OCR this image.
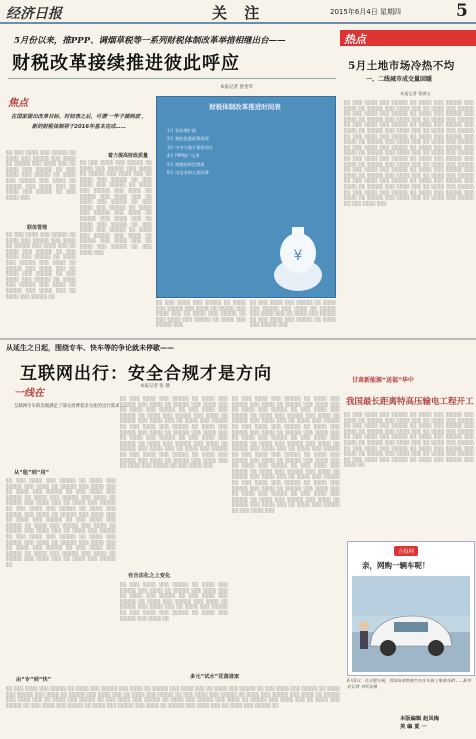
经济日报	关 注	2015年6月4日 星期四	5
5月份以来，推PPP、调烟草税等一系列财税体制改革举措相继出台——
财税改革接续推进彼此呼应
本报记者 曾金华
焦点
在国家提出改革目标、时间表之后，可谓'一竿子插到底'，新的财税体制将于2016年基本完成……
财税体制改革推进时间表
1月 营改增扩围
2月 税收优惠政策清理
3月 中央与地方事权划分
4月 PPP推广运用
5月 调整烟草消费税
6月 电信业纳入营改增
¥
联体管理
着力提高财政质量
░░ ░░░ ░░░░ ░░░ ░░░░░ ░░ ░░░░ ░░░ ░░░░░ ░░░ ░░░░ ░░ ░░░░░ ░░░ ░░░░ ░░░ ░░ ░░░░ ░░░ ░░░░░ ░░ ░░░ ░░░░ ░░░ ░░░░░ ░░ ░░░░ ░░░ ░░░░░ ░░░ ░░░░ ░░ ░░░░░ ░░░ ░░░░ ░░░ ░░ ░░░░ ░░░ ░░░░░ ░░ ░░░ ░░░░ ░░░
░░ ░░░ ░░░░ ░░░ ░░░░░ ░░ ░░░░ ░░░ ░░░░░ ░░░ ░░░░ ░░ ░░░░░ ░░░ ░░░░ ░░░ ░░ ░░░░ ░░░ ░░░░░ ░░ ░░░ ░░░░ ░░░ ░░░░░ ░░ ░░░░ ░░░ ░░░░░ ░░░ ░░░░ ░░ ░░░░░ ░░░ ░░░░ ░░░ ░░ ░░░░ ░░░ ░░░░░ ░░ ░░░ ░░░░ ░░░ ░░░░░ ░░ ░░░░ ░░░ ░░░░░ ░░░ ░░░░ ░░ ░░░░░ ░░░ ░░░░ ░░░ ░░ ░░░░ ░░░ ░░░░░ ░░
░░ ░░░ ░░░░ ░░░ ░░░░░ ░░ ░░░░ ░░░ ░░░░░ ░░░ ░░░░ ░░ ░░░░░ ░░░ ░░░░ ░░░ ░░ ░░░░ ░░░ ░░░░░ ░░ ░░░ ░░░░ ░░░ ░░░░░ ░░ ░░░░ ░░░ ░░░░░ ░░░ ░░░░ ░░ ░░░░░ ░░░ ░░░░ ░░░ ░░ ░░░░ ░░░ ░░░░░ ░░ ░░░ ░░░░ ░░░ ░░░░░ ░░ ░░░░ ░░░ ░░░░░ ░░░ ░░░░ ░░ ░░░░░ ░░░ ░░░░ ░░░ ░░ ░░░░ ░░░ ░░░░░ ░░ ░░░ ░░░░ ░░░ ░░░░░ ░░ ░░░░ ░░░ ░░░░░ ░░░ ░░░░ ░░ ░░░░░ ░░░ ░░░░ ░░░ ░░ ░░░░ ░░░ ░░░░░ ░░ ░░░ ░░░░ ░░░
░░ ░░░ ░░░░ ░░░ ░░░░░ ░░ ░░░░ ░░░ ░░░░░ ░░░ ░░░░ ░░ ░░░░░ ░░░ ░░░░ ░░░ ░░ ░░░░ ░░░ ░░░░░ ░░ ░░░ ░░░░ ░░░ ░░░░░ ░░ ░░░░ ░░░ ░░░░░ ░░░
░░ ░░░ ░░░░ ░░░ ░░░░░ ░░ ░░░░ ░░░ ░░░░░ ░░░ ░░░░ ░░ ░░░░░ ░░░ ░░░░ ░░░ ░░ ░░░░ ░░░ ░░░░░ ░░ ░░░ ░░░░ ░░░ ░░░░░ ░░ ░░░░ ░░░ ░░░░░ ░░░
热点
5月土地市场冷热不均
一、二线城市成交量回暖
本报记者 曹佛宝
░░ ░░░ ░░░░ ░░░ ░░░░░ ░░ ░░░░ ░░░ ░░░░░ ░░░ ░░░░ ░░ ░░░░░ ░░░ ░░░░ ░░░ ░░ ░░░░ ░░░ ░░░░░ ░░ ░░░ ░░░░ ░░░ ░░░░░ ░░ ░░░░ ░░░ ░░░░░ ░░░ ░░░░ ░░ ░░░░░ ░░░ ░░░░ ░░░ ░░ ░░░░ ░░░ ░░░░░ ░░ ░░░ ░░░░ ░░░ ░░░░░ ░░ ░░░░ ░░░ ░░░░░ ░░░ ░░░░ ░░ ░░░░░ ░░░ ░░░░ ░░░ ░░ ░░░░ ░░░ ░░░░░ ░░ ░░░ ░░░░ ░░░ ░░░░░ ░░ ░░░░ ░░░ ░░░░░ ░░░ ░░░░ ░░ ░░░░░ ░░░ ░░░░ ░░░ ░░ ░░░░ ░░░ ░░░░░ ░░ ░░░ ░░░░ ░░░ ░░░░░ ░░ ░░░░ ░░░ ░░░░░ ░░░ ░░░░ ░░ ░░░░░ ░░░ ░░░░ ░░░ ░░ ░░░░ ░░░ ░░░░░ ░░ ░░░ ░░░░ ░░░ ░░░░░ ░░ ░░░░ ░░░ ░░░░░ ░░░ ░░░░ ░░ ░░░░░ ░░░ ░░░░ ░░░ ░░ ░░░░ ░░░ ░░░░░ ░░ ░░░ ░░░░ ░░░ ░░░░░ ░░ ░░░░ ░░░ ░░░░░ ░░░ ░░░░ ░░ ░░░░░ ░░░ ░░░░ ░░░ ░░ ░░░░ ░░░ ░░░░░ ░░ ░░░ ░░░░ ░░░ ░░░░░ ░░ ░░░░ ░░░ ░░░░░ ░░░ ░░░░ ░░ ░░░░░ ░░░ ░░░░ ░░░ ░░ ░░░░ ░░░ ░░░░░ ░░ ░░░ ░░░░ ░░░ ░░░░░ ░░ ░░░░ ░░░ ░░░░░ ░░░ ░░░░ ░░ ░░░░░ ░░░ ░░░░ ░░░ ░░ ░░░░ ░░░ ░░░░░ ░░ ░░░ ░░░░ ░░░
甘肃新能源“送福”华中
我国最长距离特高压输电工程开工
░░ ░░░ ░░░░ ░░░ ░░░░░ ░░ ░░░░ ░░░ ░░░░░ ░░░ ░░░░ ░░ ░░░░░ ░░░ ░░░░ ░░░ ░░ ░░░░ ░░░ ░░░░░ ░░ ░░░ ░░░░ ░░░ ░░░░░ ░░ ░░░░ ░░░ ░░░░░ ░░░ ░░░░ ░░ ░░░░░ ░░░ ░░░░ ░░░ ░░ ░░░░ ░░░ ░░░░░ ░░ ░░░ ░░░░ ░░░ ░░░░░ ░░ ░░░░ ░░░ ░░░░░ ░░░ ░░░░ ░░ ░░░░░ ░░░ ░░░░ ░░░ ░░ ░░░░ ░░░ ░░░░░ ░░ ░░░ ░░░░ ░░░ ░░░░░ ░░ ░░░░ ░░░ ░░░░░ ░░░ ░░░░ ░░ ░░░░░ ░░░ ░░░░ ░░░ ░░ ░░░░ ░░░ ░░░░░ ░░ ░░░ ░░░░ ░░░ ░░░░░ ░░ ░░░░ ░░░ ░░░░░ ░░░ ░░░░ ░░
从延生之日起，围绕专车、快车等的争论就未停歇——
互联网出行：安全合规才是方向
本报记者 张 静
一线在
互联网专车的出现满足了部分消费者多元化的出行需求……
从“租”到“用”
有合法化之上变化
由“专”到“快”	多元“试水”花落谁家
░░ ░░░ ░░░░ ░░░ ░░░░░ ░░ ░░░░ ░░░ ░░░░░ ░░░ ░░░░ ░░ ░░░░░ ░░░ ░░░░ ░░░ ░░ ░░░░ ░░░ ░░░░░ ░░ ░░░ ░░░░ ░░░ ░░░░░ ░░ ░░░░ ░░░ ░░░░░ ░░░ ░░░░ ░░ ░░░░░ ░░░ ░░░░ ░░░ ░░ ░░░░ ░░░ ░░░░░ ░░ ░░░ ░░░░ ░░░ ░░░░░ ░░ ░░░░ ░░░ ░░░░░ ░░░ ░░░░ ░░ ░░░░░ ░░░ ░░░░ ░░░ ░░ ░░░░ ░░░ ░░░░░ ░░ ░░░ ░░░░ ░░░ ░░░░░ ░░ ░░░░ ░░░ ░░░░░ ░░░ ░░░░ ░░ ░░░░░ ░░░ ░░░░ ░░░ ░░ ░░░░ ░░░ ░░░░░ ░░ ░░░ ░░░░ ░░░ ░░░░░ ░░ ░░░░ ░░░ ░░░░░ ░░░ ░░░░ ░░ ░░░░░ ░░░ ░░░░ ░░░ ░░ ░░░░ ░░░ ░░░░░ ░░ ░░░ ░░░░ ░░░ ░░░░░ ░░ ░░░░ ░░░ ░░░░░ ░░░ ░░░░ ░░ ░░░░░ ░░░ ░░░░ ░░░ ░░ ░░░░ ░░░ ░░░░░ ░░
░░ ░░░ ░░░░ ░░░ ░░░░░ ░░ ░░░░ ░░░ ░░░░░ ░░░ ░░░░ ░░ ░░░░░ ░░░ ░░░░ ░░░ ░░ ░░░░ ░░░ ░░░░░ ░░ ░░░ ░░░░ ░░░ ░░░░░ ░░ ░░░░ ░░░ ░░░░░ ░░░ ░░░░ ░░ ░░░░░ ░░░ ░░░░ ░░░ ░░ ░░░░ ░░░ ░░░░░ ░░ ░░░ ░░░░ ░░░ ░░░░░ ░░ ░░░░ ░░░ ░░░░░ ░░░ ░░░░ ░░ ░░░░░ ░░░ ░░░░ ░░░ ░░ ░░░░ ░░░ ░░░░░ ░░ ░░░ ░░░░ ░░░ ░░░░░ ░░ ░░░░ ░░░ ░░░░░ ░░░ ░░░░ ░░ ░░░░░ ░░░ ░░░░ ░░░ ░░ ░░░░ ░░░ ░░░░░ ░░ ░░░ ░░░░ ░░░ ░░░░░ ░░ ░░░░ ░░░ ░░░░░ ░░░ ░░░░ ░░ ░░░░░ ░░░ ░░░░ ░░░ ░░ ░░░░ ░░░ ░░░░░ ░░ ░░░ ░░░░ ░░░
░░ ░░░ ░░░░ ░░░ ░░░░░ ░░ ░░░░ ░░░ ░░░░░ ░░░ ░░░░ ░░ ░░░░░ ░░░ ░░░░ ░░░ ░░ ░░░░ ░░░ ░░░░░ ░░ ░░░ ░░░░ ░░░ ░░░░░ ░░ ░░░░ ░░░ ░░░░░ ░░░ ░░░░ ░░ ░░░░░ ░░░ ░░░░ ░░░ ░░ ░░░░ ░░░ ░░░░░ ░░ ░░░ ░░░░ ░░░ ░░░░░ ░░ ░░░░ ░░░ ░░░░░ ░░░ ░░░░ ░░
░░ ░░░ ░░░░ ░░░ ░░░░░ ░░ ░░░░ ░░░ ░░░░░ ░░░ ░░░░ ░░ ░░░░░ ░░░ ░░░░ ░░░ ░░ ░░░░ ░░░ ░░░░░ ░░ ░░░ ░░░░ ░░░ ░░░░░ ░░ ░░░░ ░░░ ░░░░░ ░░░ ░░░░ ░░ ░░░░░ ░░░ ░░░░ ░░░ ░░ ░░░░ ░░░ ░░░░░ ░░ ░░░ ░░░░ ░░░ ░░░░░ ░░ ░░░░ ░░░ ░░░░░ ░░░ ░░░░ ░░ ░░░░░ ░░░ ░░░░ ░░░ ░░ ░░░░ ░░░ ░░░░░ ░░ ░░░ ░░░░ ░░░ ░░░░░ ░░ ░░░░ ░░░ ░░░░░ ░░░ ░░░░ ░░ ░░░░░ ░░░ ░░░░ ░░░ ░░ ░░░░ ░░░ ░░░░░ ░░ ░░░ ░░░░ ░░░ ░░░░░ ░░ ░░░░ ░░░ ░░░░░ ░░░ ░░░░ ░░ ░░░░░ ░░░ ░░░░ ░░░ ░░ ░░░░ ░░░ ░░░░░ ░░ ░░░ ░░░░ ░░░ ░░░░░ ░░ ░░░░ ░░░ ░░░░░ ░░░ ░░░░ ░░ ░░░░░ ░░░ ░░░░ ░░░ ░░ ░░░░ ░░░ ░░░░░ ░░ ░░░ ░░░░ ░░░ ░░░░░ ░░ ░░░░ ░░░ ░░░░░ ░░░ ░░░░ ░░ ░░░░░ ░░░ ░░░░ ░░░ ░░ ░░░░ ░░░ ░░░░░ ░░ ░░░ ░░░░ ░░░ ░░░░░ ░░ ░░░░ ░░░ ░░░░░ ░░░ ░░░░ ░░ ░░░░░ ░░░ ░░░░ ░░░ ░░ ░░░░ ░░░ ░░░░░ ░░ ░░░ ░░░░ ░░░
░░ ░░░ ░░░░ ░░░ ░░░░░ ░░ ░░░░ ░░░ ░░░░░ ░░░ ░░░░ ░░ ░░░░░ ░░░ ░░░░ ░░░ ░░ ░░░░ ░░░ ░░░░░ ░░ ░░░ ░░░░ ░░░ ░░░░░ ░░ ░░░░ ░░░ ░░░░░ ░░░ ░░░░ ░░ ░░░░░ ░░░ ░░░░ ░░░ ░░ ░░░░ ░░░ ░░░░░ ░░ ░░░ ░░░░ ░░░ ░░░░░ ░░ ░░░░ ░░░ ░░░░░ ░░░ ░░░░ ░░ ░░░░░ ░░░ ░░░░ ░░░ ░░ ░░░░ ░░░ ░░░░░ ░░ ░░░ ░░░░ ░░░ ░░░░░ ░░ ░░░░ ░░░ ░░░░░ ░░░ ░░░░ ░░ ░░░░░ ░░░ ░░░░ ░░░ ░░ ░░░░ ░░░ ░░░░░ ░░ ░░░ ░░░░ ░░░ ░░░░░ ░░ ░░░░ ░░░ ░░░░░ ░░░ ░░░░ ░░ ░░░░░ ░░░ ░░░░ ░░░ ░░ ░░░░ ░░░ ░░░░░ ░░
合投网
亲，网购一辆车呢！
6月3日，在合肥车展，我国首部智能汽车在车展上集体亮相……新华社记者 刘军喜摄
本版编辑 赵凤梅
美 编 夏 一
